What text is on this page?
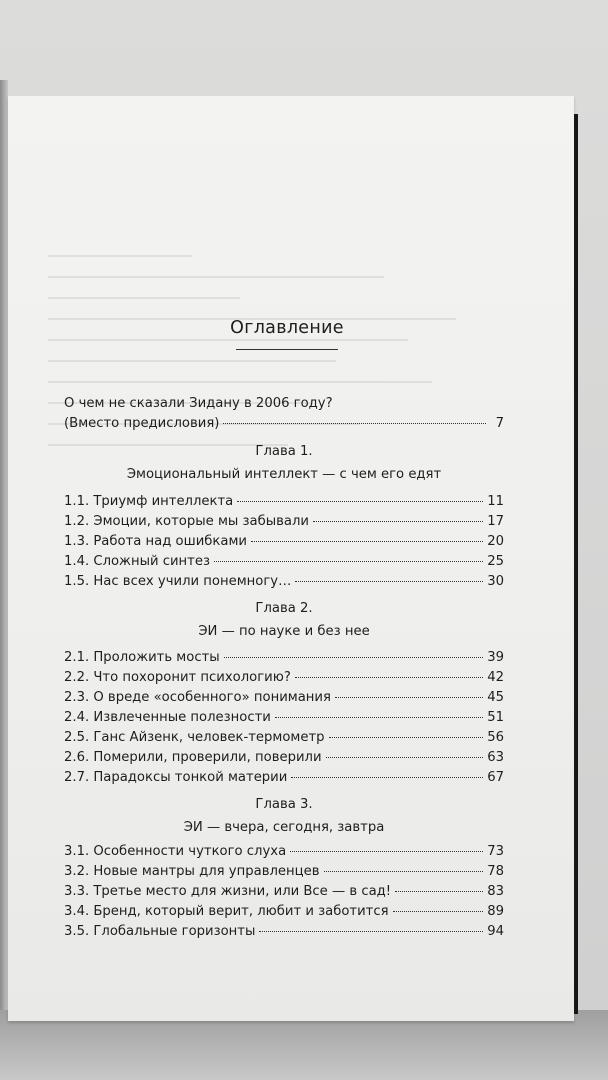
Оглавление
О чем не сказали Зидану в 2006 году?
(Вместо предисловия)	7
Глава 1.
Эмоциональный интеллект — с чем его едят
1.1. Триумф интеллекта	11
1.2. Эмоции, которые мы забывали	17
1.3. Работа над ошибками	20
1.4. Сложный синтез	25
1.5. Нас всех учили понемногу…	30
Глава 2.
ЭИ — по науке и без нее
2.1. Проложить мосты	39
2.2. Что похоронит психологию?	42
2.3. О вреде «особенного» понимания	45
2.4. Извлеченные полезности	51
2.5. Ганс Айзенк, человек-термометр	56
2.6. Померили, проверили, поверили	63
2.7. Парадоксы тонкой материи	67
Глава 3.
ЭИ — вчера, сегодня, завтра
3.1. Особенности чуткого слуха	73
3.2. Новые мантры для управленцев	78
3.3. Третье место для жизни, или Все — в сад!	83
3.4. Бренд, который верит, любит и заботится	89
3.5. Глобальные горизонты	94
